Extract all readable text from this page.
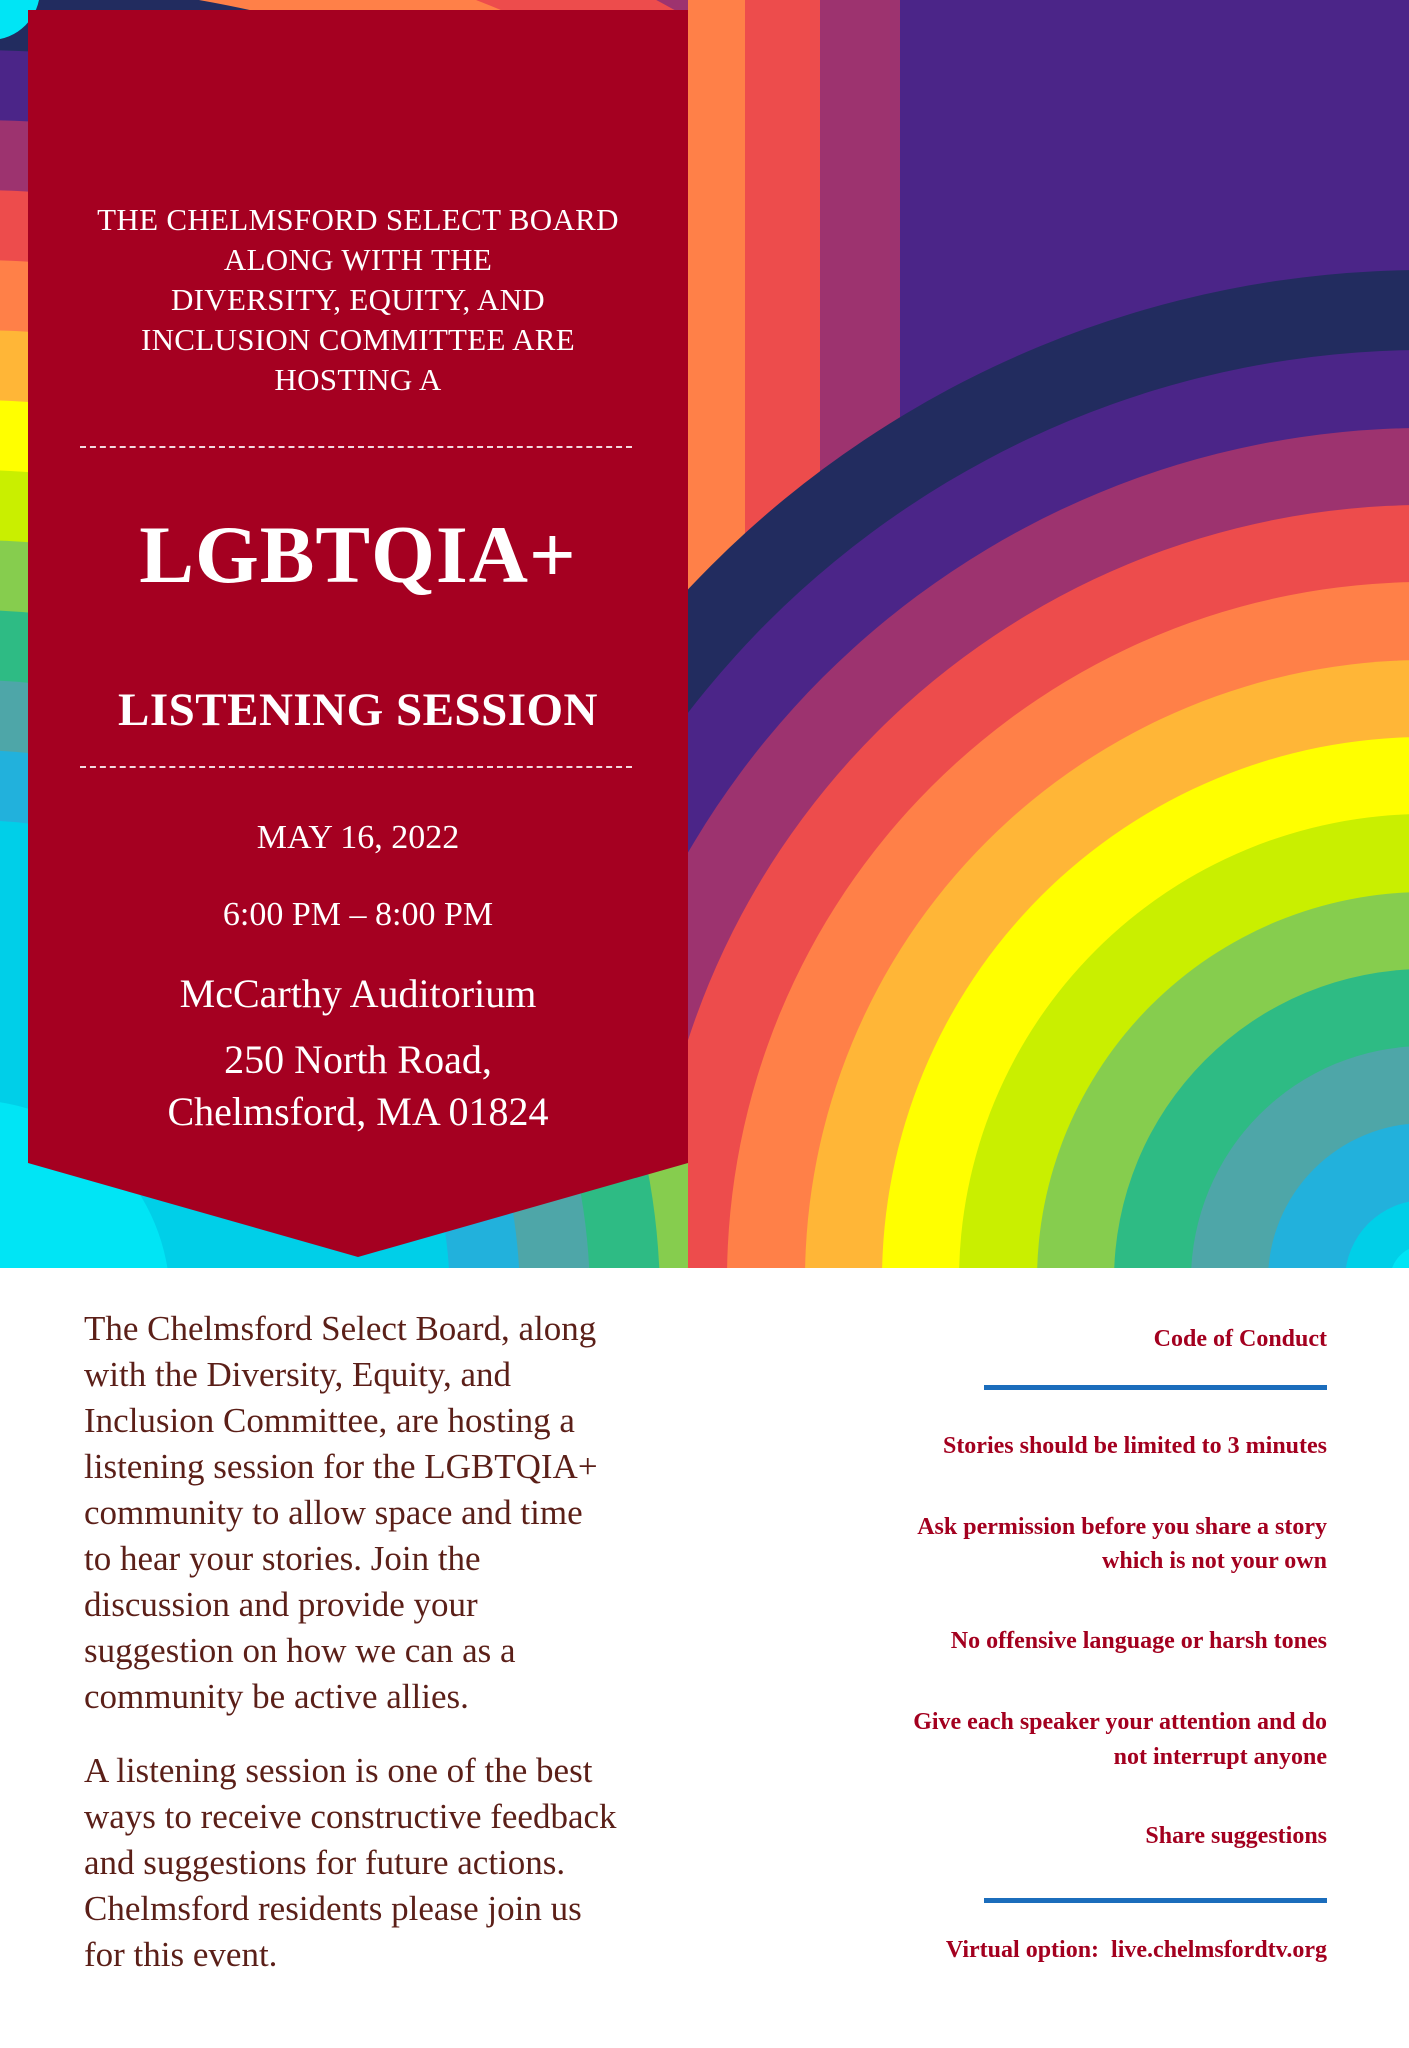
THE CHELMSFORD SELECT BOARD
ALONG WITH THE
DIVERSITY, EQUITY, AND
INCLUSION COMMITTEE ARE
HOSTING A
LGBTQIA+
LISTENING SESSION
MAY 16, 2022
6:00 PM – 8:00 PM
McCarthy Auditorium
250 North Road,
Chelmsford, MA 01824

The Chelmsford Select Board, along
with the Diversity, Equity, and
Inclusion Committee, are hosting a
listening session for the LGBTQIA+
community to allow space and time
to hear your stories. Join the
discussion and provide your
suggestion on how we can as a
community be active allies.

A listening session is one of the best
ways to receive constructive feedback
and suggestions for future actions.
Chelmsford residents please join us
for this event.

Code of Conduct
Stories should be limited to 3 minutes
Ask permission before you share a story
which is not your own
No offensive language or harsh tones
Give each speaker your attention and do
not interrupt anyone
Share suggestions
Virtual option: live.chelmsfordtv.org
